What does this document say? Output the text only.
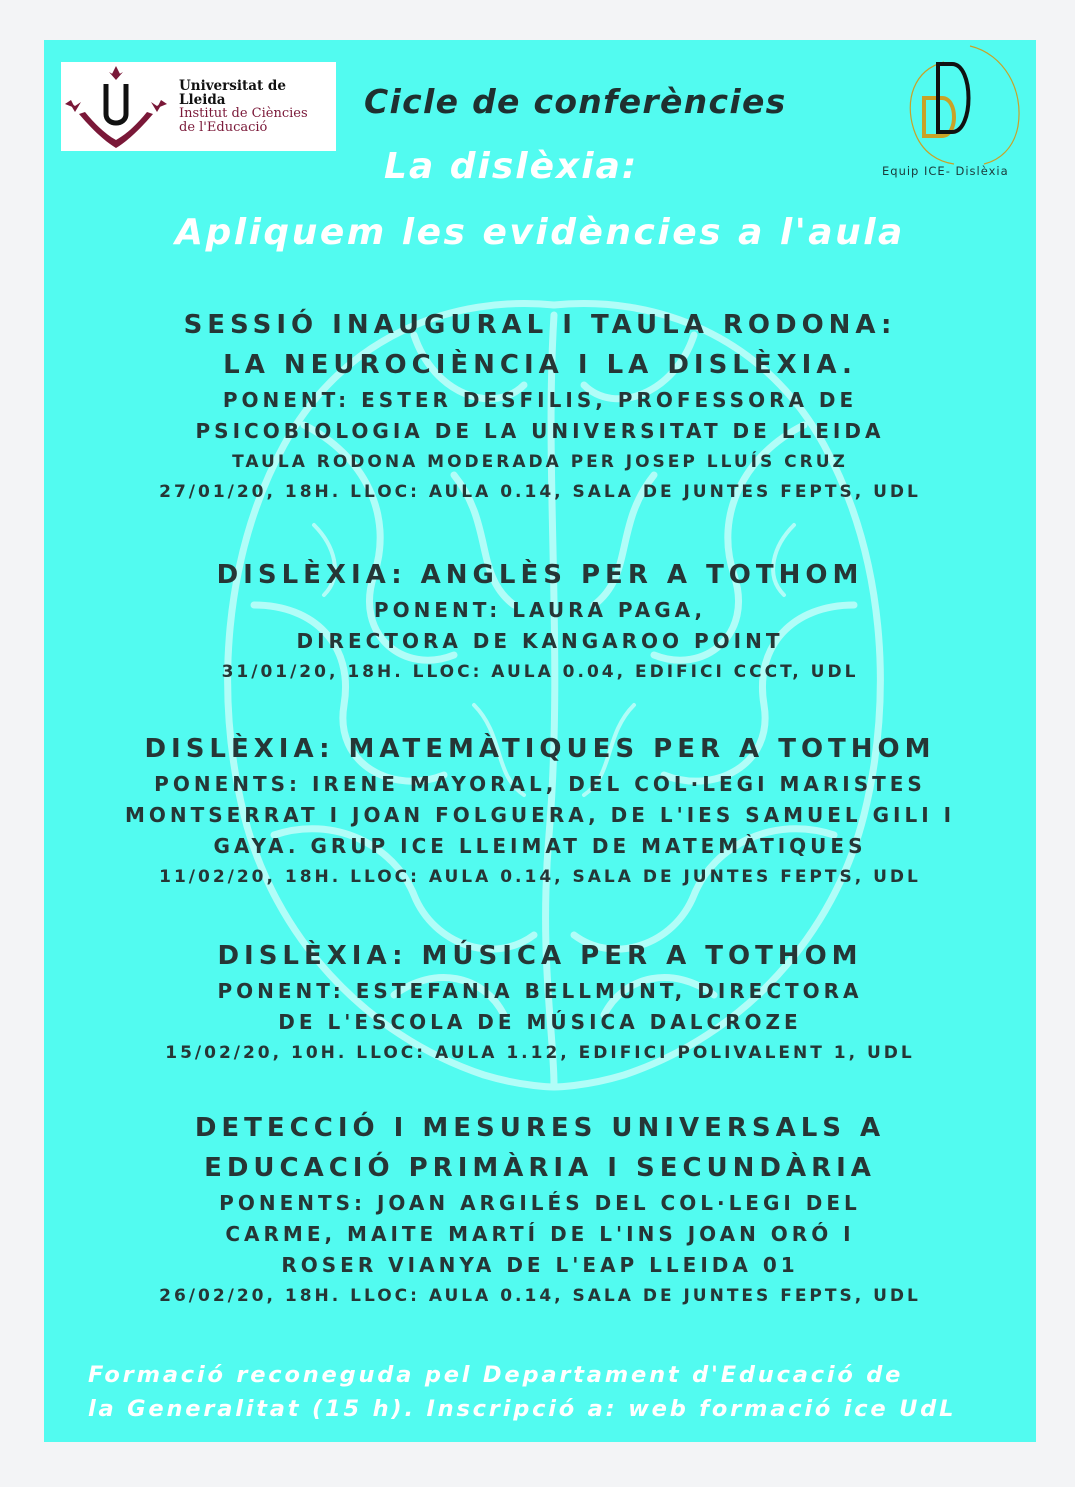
Universitat de Lleida
Institut de Ciències
de l'Educació
Equip ICE- Dislèxia
Cicle de conferències
La dislèxia:
Apliquem les evidències a l'aula
SESSIÓ INAUGURAL I TAULA RODONA:
LA NEUROCIÈNCIA I LA DISLÈXIA.
PONENT: ESTER DESFILIS, PROFESSORA DE
PSICOBIOLOGIA DE LA UNIVERSITAT DE LLEIDA
TAULA RODONA MODERADA PER JOSEP LLUÍS CRUZ
27/01/20, 18H. LLOC: AULA 0.14, SALA DE JUNTES FEPTS, UDL
DISLÈXIA: ANGLÈS PER A TOTHOM
PONENT: LAURA PAGA,
DIRECTORA DE KANGAROO POINT
31/01/20, 18H. LLOC: AULA 0.04, EDIFICI CCCT, UDL
DISLÈXIA: MATEMÀTIQUES PER A TOTHOM
PONENTS: IRENE MAYORAL, DEL COL·LEGI MARISTES
MONTSERRAT I JOAN FOLGUERA, DE L'IES SAMUEL GILI I
GAYA. GRUP ICE LLEIMAT DE MATEMÀTIQUES
11/02/20, 18H. LLOC: AULA 0.14, SALA DE JUNTES FEPTS, UDL
DISLÈXIA: MÚSICA PER A TOTHOM
PONENT: ESTEFANIA BELLMUNT, DIRECTORA
DE L'ESCOLA DE MÚSICA DALCROZE
15/02/20, 10H. LLOC: AULA 1.12, EDIFICI POLIVALENT 1, UDL
DETECCIÓ I MESURES UNIVERSALS A
EDUCACIÓ PRIMÀRIA I SECUNDÀRIA
PONENTS: JOAN ARGILÉS DEL COL·LEGI DEL
CARME, MAITE MARTÍ DE L'INS JOAN ORÓ I
ROSER VIANYA DE L'EAP LLEIDA 01
26/02/20, 18H. LLOC: AULA 0.14, SALA DE JUNTES FEPTS, UDL
Formació reconeguda pel Departament d'Educació de
la Generalitat (15 h). Inscripció a: web formació ice UdL
